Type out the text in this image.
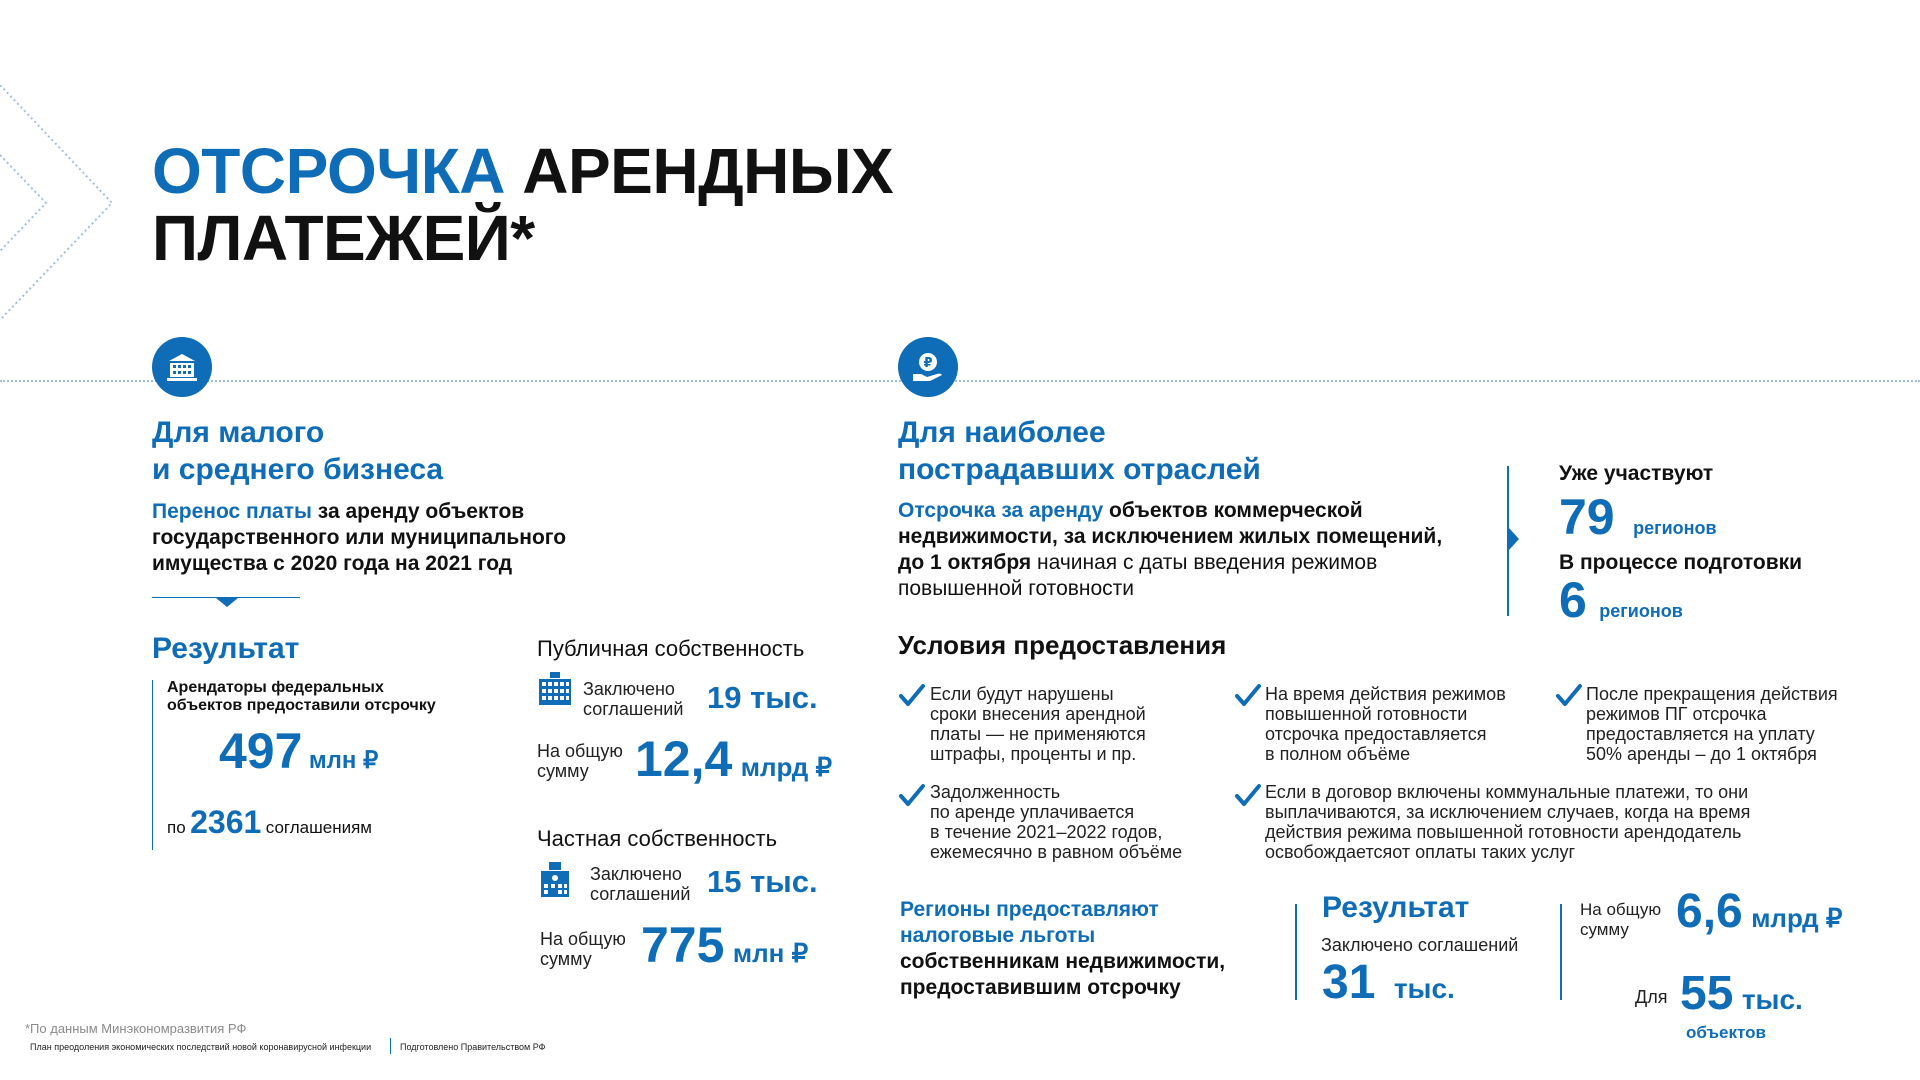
ОТСРОЧКА АРЕНДНЫХ
ПЛАТЕЖЕЙ*
Для малого
и среднего бизнеса
Перенос платы за аренду объектов
государственного или муниципального
имущества с 2020 года на 2021 год
Результат
Арендаторы федеральных
объектов предоставили отсрочку
497 млн ₽
по 2361 соглашениям
Публичная собственность
Заключено
соглашений 19 тыс.
На общую
сумму 12,4 млрд ₽
Частная собственность
Заключено
соглашений 15 тыс.
На общую
сумму 775 млн ₽
₽
Для наиболее
пострадавших отраслей
Отсрочка за аренду объектов коммерческой
недвижимости, за исключением жилых помещений,
до 1 октября начиная с даты введения режимов
повышенной готовности
Уже участвуют
79 регионов
В процессе подготовки
6 регионов
Условия предоставления
Если будут нарушены
сроки внесения арендной
платы — не применяются
штрафы, проценты и пр.
На время действия режимов
повышенной готовности
отсрочка предоставляется
в полном объёме
После прекращения действия
режимов ПГ отсрочка
предоставляется на уплату
50% аренды – до 1 октября
Задолженность
по аренде уплачивается
в течение 2021–2022 годов,
ежемесячно в равном объёме
Если в договор включены коммунальные платежи, то они
выплачиваются, за исключением случаев, когда на время
действия режима повышенной готовности арендодатель
освобождаетсяот оплаты таких услуг
Регионы предоставляют
налоговые льготы
собственникам недвижимости,
предоставившим отсрочку
Результат
Заключено соглашений
31 тыс.
На общую
сумму 6,6 млрд ₽
Для 55 тыс.
объектов
*По данным Минэкономразвития РФ
План преодоления экономических последствий новой коронавирусной инфекции	Подготовлено Правительством РФ
